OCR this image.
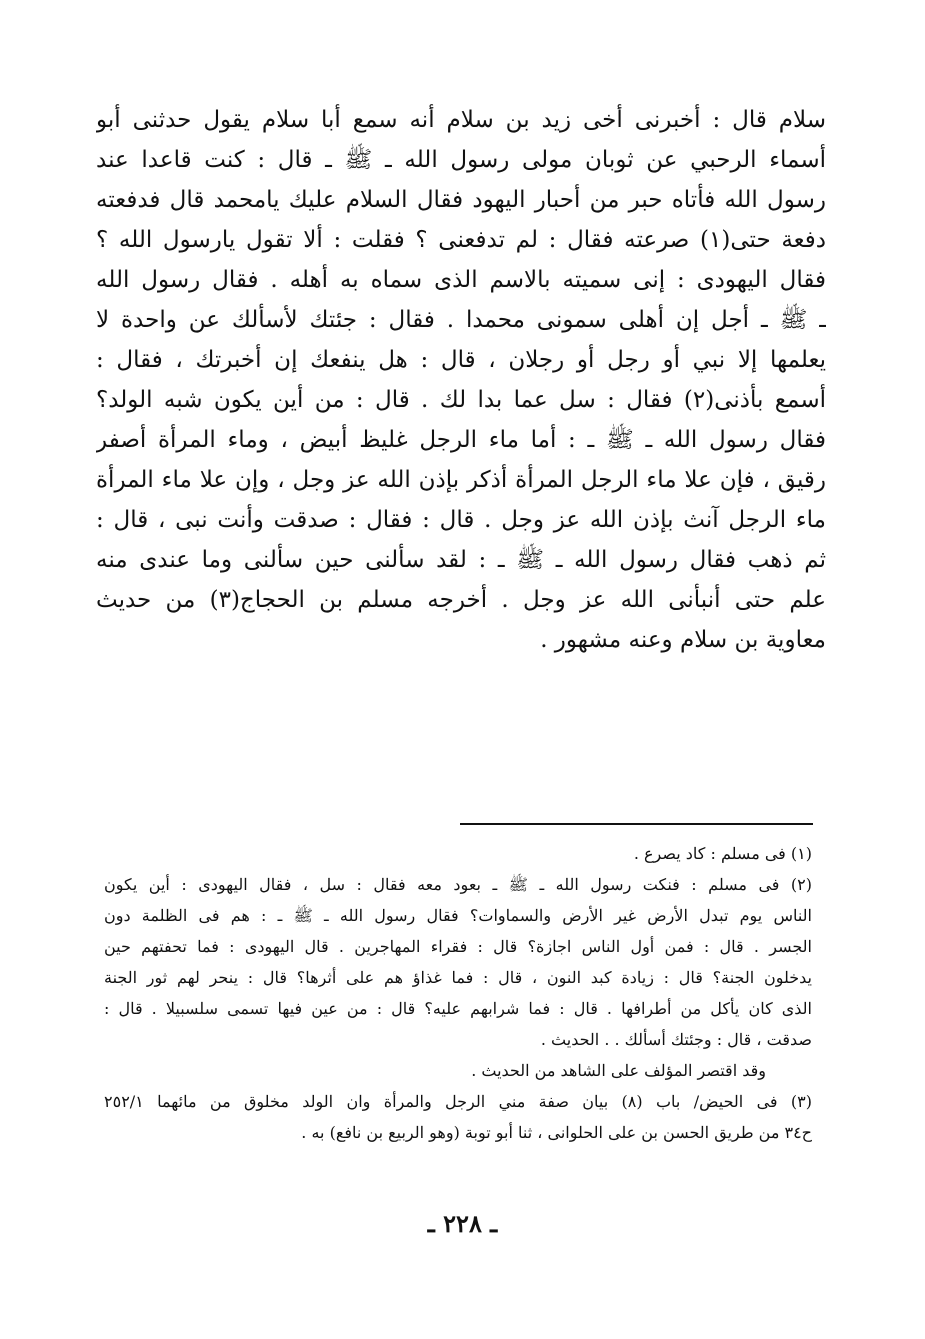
سلام قال : أخبرنى أخى زيد بن سلام أنه سمع أبا سلام يقول حدثنى أبو
أسماء الرحبي عن ثوبان مولى رسول الله ـ ﷺ ـ قال : كنت قاعدا عند
رسول الله فأتاه حبر من أحبار اليهود فقال السلام عليك يامحمد قال فدفعته
دفعة حتى(١) صرعته فقال : لم تدفعنى ؟ فقلت : ألا تقول يارسول الله ؟
فقال اليهودى : إنى سميته بالاسم الذى سماه به أهله . فقال رسول الله
ـ ﷺ ـ أجل إن أهلى سمونى محمدا . فقال : جئتك لأسألك عن واحدة لا
يعلمها إلا نبي أو رجل أو رجلان ، قال : هل ينفعك إن أخبرتك ، فقال :
أسمع بأذنى(٢) فقال : سل عما بدا لك . قال : من أين يكون شبه الولد؟
فقال رسول الله ـ ﷺ ـ : أما ماء الرجل غليظ أبيض ، وماء المرأة أصفر
رقيق ، فإن علا ماء الرجل المرأة أذكر بإذن الله عز وجل ، وإن علا ماء المرأة
ماء الرجل آنث بإذن الله عز وجل . قال : فقال : صدقت وأنت نبى ، قال :
ثم ذهب فقال رسول الله ـ ﷺ ـ : لقد سألنى حين سألنى وما عندى منه
علم حتى أنبأنى الله عز وجل . أخرجه مسلم بن الحجاج(٣) من حديث
معاوية بن سلام وعنه مشهور .
(١) فى مسلم : كاد يصرع .
(٢) فى مسلم : فنكت رسول الله ـ ﷺ ـ بعود معه فقال : سل ، فقال اليهودى : أين يكون
الناس يوم تبدل الأرض غير الأرض والسماوات؟ فقال رسول الله ـ ﷺ ـ : هم فى الظلمة دون
الجسر . قال : فمن أول الناس اجازة؟ قال : فقراء المهاجرين . قال اليهودى : فما تحفتهم حين
يدخلون الجنة؟ قال : زيادة كبد النون ، قال : فما غذاؤ هم على أثرها؟ قال : ينحر لهم ثور الجنة
الذى كان يأكل من أطرافها . قال : فما شرابهم عليه؟ قال : من عين فيها تسمى سلسبيلا . قال :
صدقت ، قال : وجئتك أسألك . . الحديث .
وقد اقتصر المؤلف على الشاهد من الحديث .
(٣) فى الحيض/ باب (٨) بيان صفة مني الرجل والمرأة وان الولد مخلوق من مائهما ٢٥٢/١
ح٣٤ من طريق الحسن بن على الحلوانى ، ثنا أبو توبة (وهو الربيع بن نافع) به .
ـ ٢٢٨ ـ
